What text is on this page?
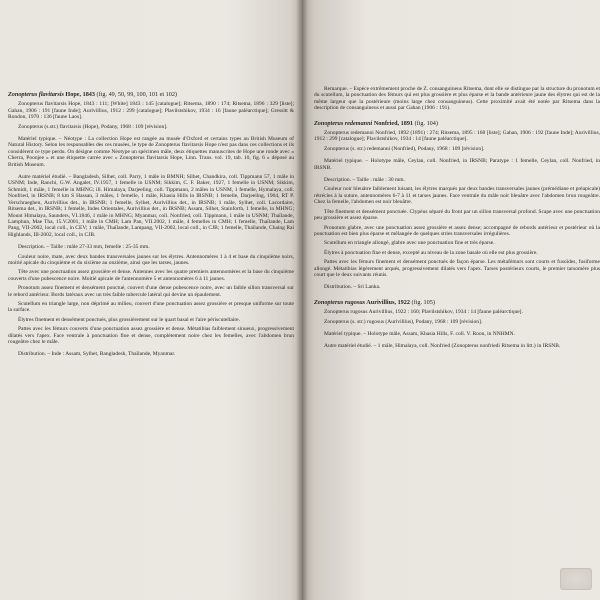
Zonopterus flavitarsis Hope, 1843 (fig. 49, 50, 99, 100, 101 et 102)

Zonopterus flavitarsis Hope, 1843 : 111; [White] 1843 : 145 [catalogue]; Ritsema, 1890 : 174; Ritsema, 1896 : 329 [liste]; Gahan, 1906 : 191 [faune Inde]; Aurivillius, 1912 : 299 [catalogue]; Plavilstshikov, 1934 : 16 [faune paléarctique]; Gressitt & Rondon, 1970 : 136 [faune Laos].

Zonopterus (s.str.) flavitarsis (Hope), Podany, 1968 : 109 [révision].

Matériel typique. – Néotype : La collection Hope est rangée au musée d'Oxford et certains types au British Museum of Natural History. Selon les responsables des ces musées, le type de Zonopterus flavitarsis Hope n'est pas dans ces collections et ils considèrent ce type perdu. On désigne comme Néotype un spécimen mâle, deux étiquettes manuscrites de Hope une ronde avec « Cherra, Poonjee » et une étiquette carrée avec « Zonopterus flavitarsis Hope, Linn. Trans. vol. 19, tab. 10, fig. 6 » déposé au British Museum.

Autre matériel étudié. – Bangladesh, Silhet, coll. Parry, 1 mâle in BMNH; Silhet, Chandkira, coll. Tippmann 57, 1 mâle in USNM; Inde, Ranchi, G.W. Angalet, IV.1957, 1 femelle in USNM; Sikkim, C. F. Baker, 1927, 1 femelle in USNM; Sikkim, Schmidt, 1 mâle, 1 femelle in MHNG; ill. Himalaya, Darjeeling, coll. Tippmann, 2 mâles in USNM, 1 femelle, Hymalaya, coll. Nonfried, in IRSNB; 8 km S Hassan, 3 mâles, 1 femelle, 1 mâle, Khasia Hills in IRSNB; 1 femelle, Darjeeling, 1904, RT P. Verschraeghen, Aurivillius det., in IRSNB; 1 femelle, Sylhet, Aurivillius det., in IRSNB; 1 mâle, Sylhet, coll. Lacordaire, Ritsema det., in IRSNB; 1 femelle, Indes Orientales, Aurivillius det., in IRSNB; Assam, Silhet, Stainforth, 1 femelle, in MHNG; Mount Himalaya, Saunders, VI.1846, 1 mâle in MHNG; Myanmar, coll. Nonfried, coll. Tippmann, 1 mâle in USNM; Thaïlande, Lamphun, Mae Tha, 15.V.2001, 1 mâle in CMH; Lam Pan, VII.2002, 1 mâle, 4 femelles in CMH; 1 femelle, Thaïlande, Lam Pang, VII-2002, local coll., in CEV; 1 mâle, Thaïlande, Lampang, VII-2002, local coll., in CJB; 1 femelle, Thaïlande, Chaing Rai Highlands, III-2002, local coll., in CJB.

Description. – Taille : mâle 27-33 mm, femelle : 25-35 mm.

Couleur noire, mate, avec deux bandes transversales jaunes sur les élytres. Antennomères 1 à 4 et base du cinquième noirs, moitié apicale du cinquième et du sixième au onzième, ainsi que les tarses, jaunes.

Tête avec une ponctuation assez grossière et dense. Antennes avec les quatre premiers antennomères et la base du cinquième couverts d'une pubescence noire. Moitié apicale de l'antennomère 5 et antennomères 6 à 11 jaunes.

Pronotum assez finement et densément ponctué, couvert d'une dense pubescence noire, avec un faible sillon transversal sur le rebord antérieur. Bords latéraux avec un très faible tubercule latéral qui devine un épaulement.

Scutellum en triangle large, non déprimé au milieu, couvert d'une ponctuation assez grossière et presque uniforme sur toute la surface.

Élytres finement et densément ponctués, plus grossièrement sur le quart basal et l'aire périscutellaire.

Pattes avec les fémurs couverts d'une ponctuation assez grossière et dense. Métatibias faiblement sinueux, progressivement dilatés vers l'apex. Face ventrale à ponctuation fine et dense, complètement noire chez les femelles, avec l'abdomen brun rougeâtre chez le mâle.

Distribution. – Inde : Assam, Sylhet, Bangladesh, Thaïlande, Myanmar.

Remarque. – Espèce extrêmement proche de Z. consanguineus Ritsema, dont elle se distingue par la structure du pronotum et du scutellum, la ponctuation des fémurs qui est plus grossière et plus éparse et la bande antérieure jaune des élytres qui est de la même largeur que la postérieure (moins large chez consanguineus). Cette proximité avait été notée par Ritsema dans la description de consanguineus et aussi par Gahan (1906 : 191).

Zonopterus redemanni Nonfried, 1891 (fig. 104)

Zonopterus redemanni Nonfried, 1892 (1891) : 274; Ritsema, 1895 : 168 [liste]; Gahan, 1906 : 192 [faune Inde]; Aurivillius, 1912 : 299 [catalogue]; Plavilstshikov, 1934 : 14 [faune paléarctique].

Zonopterus (s. str.) redemanni (Nonfried), Podany, 1968 : 109 [révision].

Matériel typique. – Holotype mâle, Ceylan, coll. Nonfried, in IRSNB; Paratype : 1 femelle, Ceylan, coll. Nonfried, in IRSNB.

Description. – Taille : mâle : 30 mm.

Couleur noir bleuâtre faiblement luisant, les élytres marqués par deux bandes transversales jaunes (prémédiane et préapicale) rétrécies à la suture, antennomères 6-7 à 11 et tarses jaunes. Face ventrale du mâle noir bleuâtre avec l'abdomen brun rougeâtre. Chez la femelle, l'abdomen est noir bleuâtre.

Tête finement et densément ponctuée. Clypéus séparé du front par un sillon transversal profond. Scape avec une ponctuation peu grossière et assez éparse.

Pronotum glabre, avec une ponctuation assez grossière et assez dense; accompagné de rebords antérieur et postérieur où la ponctuation est bien plus éparse et mêlangée de quelques stries transversales irrégulières.

Scutellum en triangle allongé, glabre avec une ponctuation fine et très éparse.

Élytres à ponctuation fine et dense, excepté au niveau de la zone basale où elle est plus grossière.

Pattes avec les fémurs finement et densément ponctués de façon éparse. Les métafémurs sont courts et fusoïdes, fusiforme allongé. Métatibias légèrement arqués, progressivement dilatés vers l'apex. Tarses postérieurs courts, le premier tarsomère plus court que le deux suivants réunis.

Distribution. – Sri Lanka.

Zonopterus rugosus Aurivillius, 1922 (fig. 105)

Zonopterus rugosus Aurivillius, 1922 : 160; Plavilstshikov, 1934 : 14 [faune paléarctique].

Zonopterus (s. str.) rugosus (Aurivillius), Podany, 1968 : 109 [révision].

Matériel typique. – Holotype mâle, Assam, Khasia Hills, F. coll. V. Roon, in NNHMN.

Autre matériel étudié. – 1 mâle, Himalaya, coll. Nonfried (Zonopterus nonfriedi Ritsema in litt.) in IRSNB.
